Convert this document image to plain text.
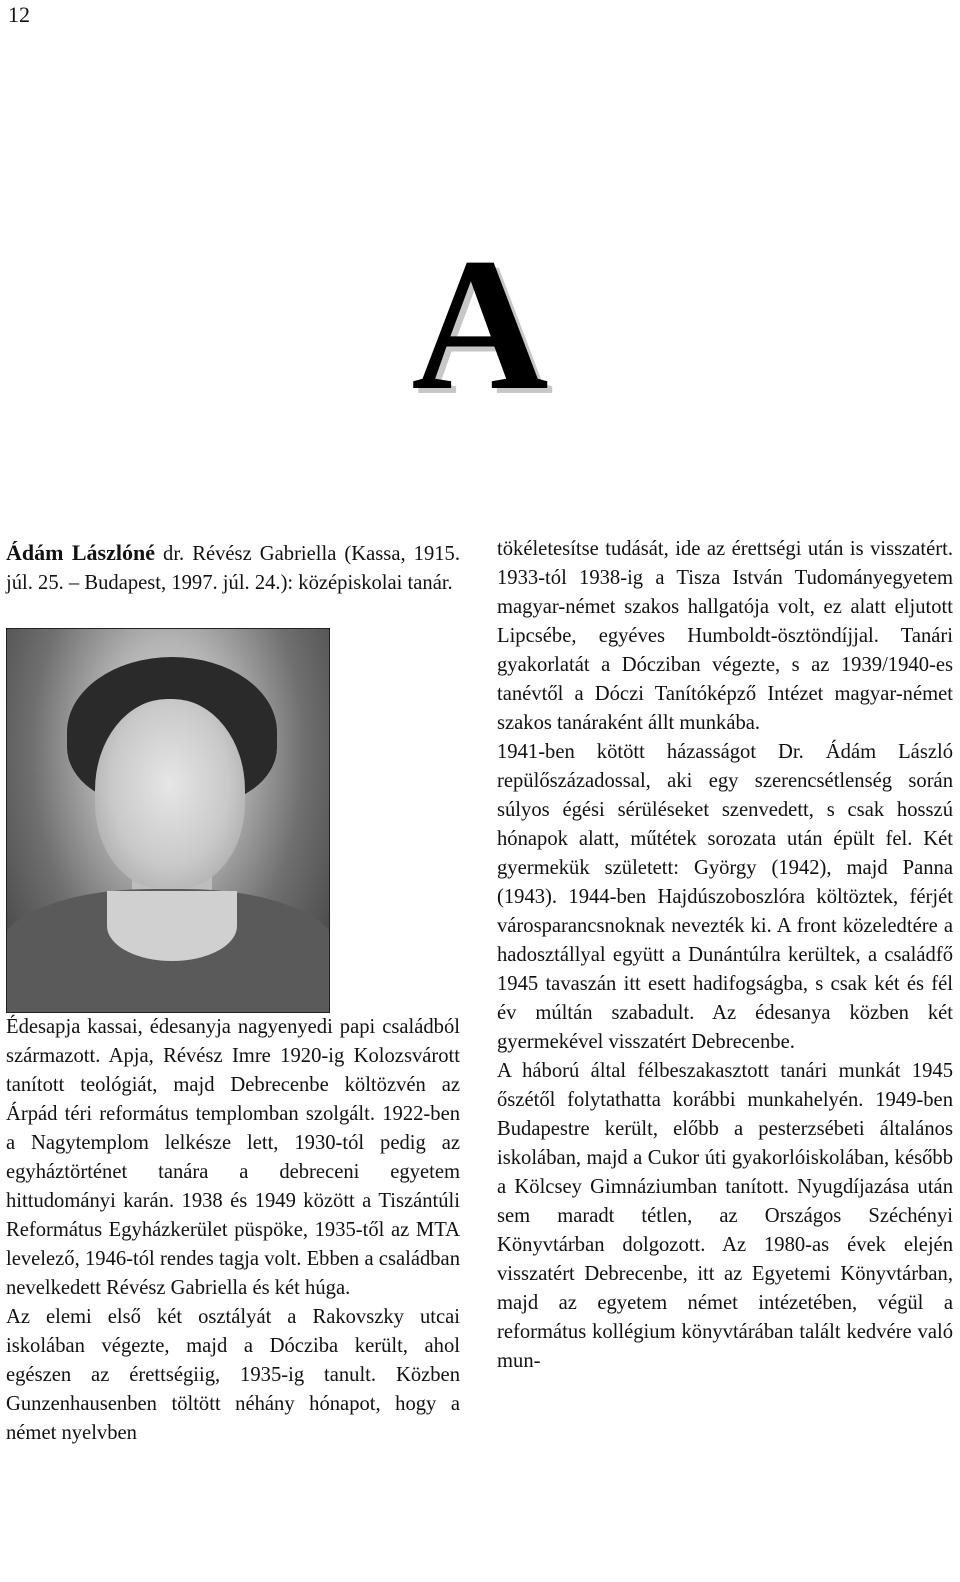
12
A

Ádám Lászlóné dr. Révész Gabriella (Kassa, 1915. júl. 25. – Budapest, 1997. júl. 24.): középiskolai tanár.

Édesapja kassai, édesanyja nagyenyedi papi családból származott. Apja, Révész Imre 1920-ig Kolozsvárott tanított teológiát, majd Debrecenbe költözvén az Árpád téri református templomban szolgált. 1922-ben a Nagytemplom lelkésze lett, 1930-tól pedig az egyháztörténet tanára a debreceni egyetem hittudományi karán. 1938 és 1949 között a Tiszántúli Református Egyházkerület püspöke, 1935-től az MTA levelező, 1946-tól rendes tagja volt. Ebben a családban nevelkedett Révész Gabriella és két húga.

Az elemi első két osztályát a Rakovszky utcai iskolában végezte, majd a Dócziba került, ahol egészen az érettségiig, 1935-ig tanult. Közben Gunzenhausenben töltött néhány hónapot, hogy a német nyelvben

tökéletesítse tudását, ide az érettségi után is visszatért. 1933-tól 1938-ig a Tisza István Tudományegyetem magyar-német szakos hallgatója volt, ez alatt eljutott Lipcsébe, egyéves Humboldt-ösztöndíjjal. Tanári gyakorlatát a Dócziban végezte, s az 1939/1940-es tanévtől a Dóczi Tanítóképző Intézet magyar-német szakos tanáraként állt munkába.

1941-ben kötött házasságot Dr. Ádám László repülőszázadossal, aki egy szerencsétlenség során súlyos égési sérüléseket szenvedett, s csak hosszú hónapok alatt, műtétek sorozata után épült fel. Két gyermekük született: György (1942), majd Panna (1943). 1944-ben Hajdúszoboszlóra költöztek, férjét városparancsnoknak nevezték ki. A front közeledtére a hadosztállyal együtt a Dunántúlra kerültek, a családfő 1945 tavaszán itt esett hadifogságba, s csak két és fél év múltán szabadult. Az édesanya közben két gyermekével visszatért Debrecenbe.

A háború által félbeszakasztott tanári munkát 1945 őszétől folytathatta korábbi munkahelyén. 1949-ben Budapestre került, előbb a pesterzsébeti általános iskolában, majd a Cukor úti gyakorlóiskolában, később a Kölcsey Gimnáziumban tanított. Nyugdíjazása után sem maradt tétlen, az Országos Széchényi Könyvtárban dolgozott. Az 1980-as évek elején visszatért Debrecenbe, itt az Egyetemi Könyvtárban, majd az egyetem német intézetében, végül a református kollégium könyvtárában talált kedvére való mun-
